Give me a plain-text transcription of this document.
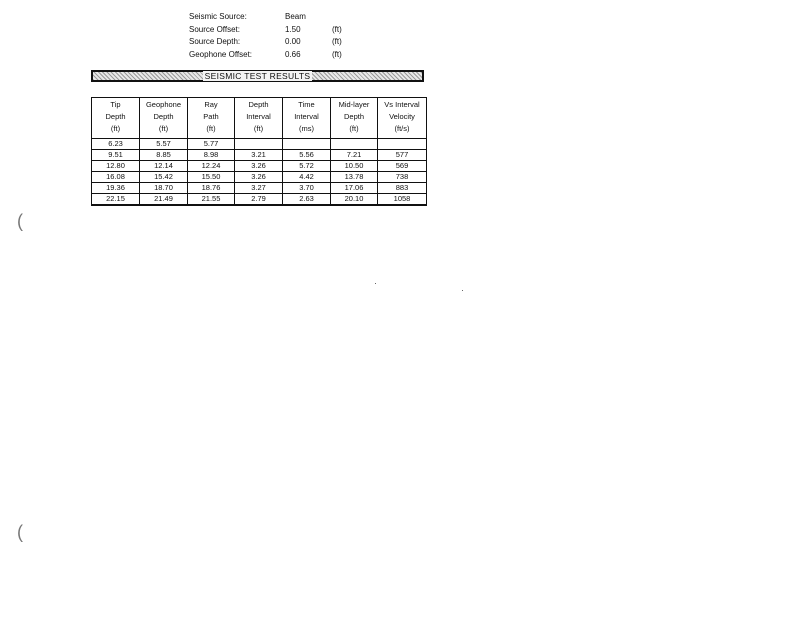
Seismic Source:	Beam
Source Offset:	1.50	(ft)
Source Depth:	0.00	(ft)
Geophone Offset:	0.66	(ft)
SEISMIC TEST RESULTS
Tip
Depth
(ft)	Geophone
Depth
(ft)	Ray
Path
(ft)	Depth
Interval
(ft)	Time
Interval
(ms)	Mid-layer
Depth
(ft)	Vs Interval
Velocity
(ft/s)

6.23	5.57	5.77				
9.51	8.85	8.98	3.21	5.56	7.21	577
12.80	12.14	12.24	3.26	5.72	10.50	569
16.08	15.42	15.50	3.26	4.42	13.78	738
19.36	18.70	18.76	3.27	3.70	17.06	883
22.15	21.49	21.55	2.79	2.63	20.10	1058
(
(
